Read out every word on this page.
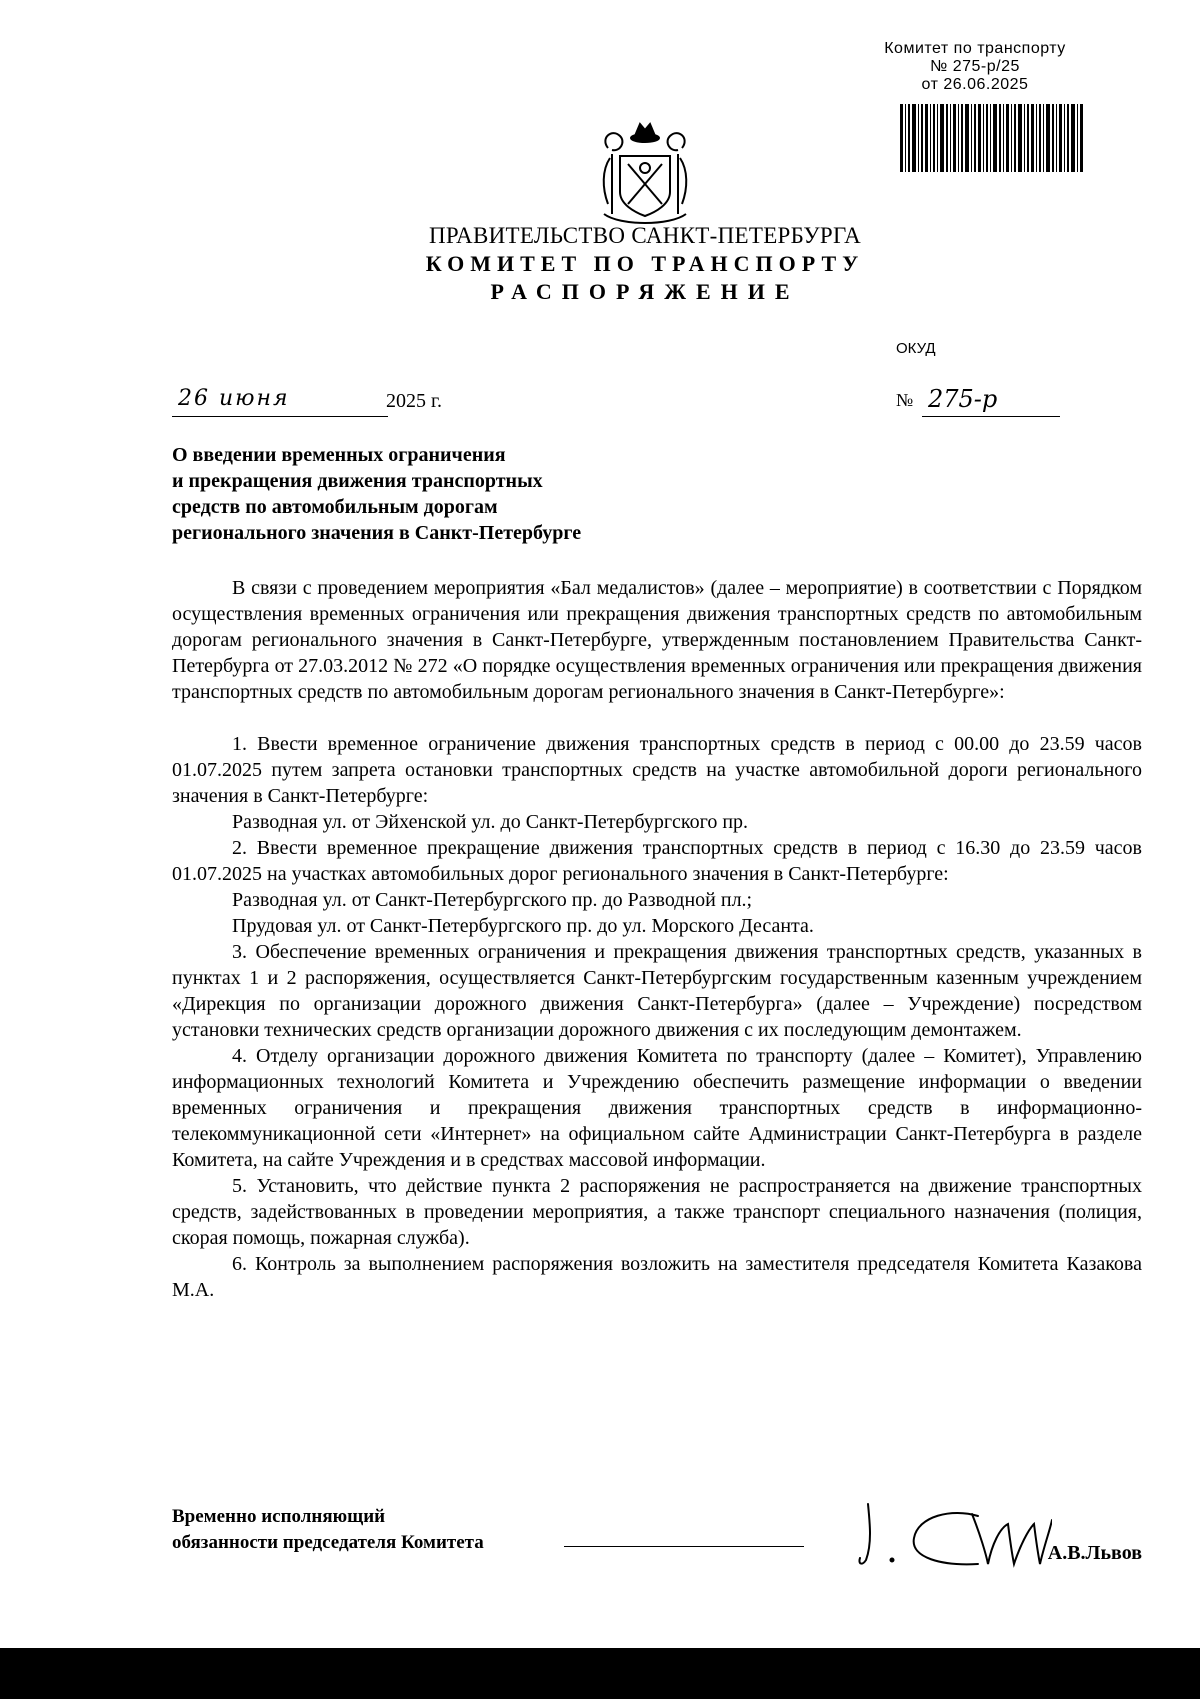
Комитет по транспорту
№ 275-р/25
от 26.06.2025
ПРАВИТЕЛЬСТВО САНКТ-ПЕТЕРБУРГА
КОМИТЕТ ПО ТРАНСПОРТУ
РАСПОРЯЖЕНИЕ
ОКУД
26 июня	2025 г.	№ 275-р
О введении временных ограничения
и прекращения движения транспортных
средств по автомобильным дорогам
регионального значения в Санкт-Петербурге

В связи с проведением мероприятия «Бал медалистов» (далее – мероприятие) в соответствии с Порядком осуществления временных ограничения или прекращения движения транспортных средств по автомобильным дорогам регионального значения в Санкт-Петербурге, утвержденным постановлением Правительства Санкт-Петербурга от 27.03.2012 № 272 «О порядке осуществления временных ограничения или прекращения движения транспортных средств по автомобильным дорогам регионального значения в Санкт-Петербурге»:

1. Ввести временное ограничение движения транспортных средств в период с 00.00 до 23.59 часов 01.07.2025 путем запрета остановки транспортных средств на участке автомобильной дороги регионального значения в Санкт-Петербурге:

Разводная ул. от Эйхенской ул. до Санкт-Петербургского пр.

2. Ввести временное прекращение движения транспортных средств в период с 16.30 до 23.59 часов 01.07.2025 на участках автомобильных дорог регионального значения в Санкт-Петербурге:

Разводная ул. от Санкт-Петербургского пр. до Разводной пл.;

Прудовая ул. от Санкт-Петербургского пр. до ул. Морского Десанта.

3. Обеспечение временных ограничения и прекращения движения транспортных средств, указанных в пунктах 1 и 2 распоряжения, осуществляется Санкт-Петербургским государственным казенным учреждением «Дирекция по организации дорожного движения Санкт-Петербурга» (далее – Учреждение) посредством установки технических средств организации дорожного движения с их последующим демонтажем.

4. Отделу организации дорожного движения Комитета по транспорту (далее – Комитет), Управлению информационных технологий Комитета и Учреждению обеспечить размещение информации о введении временных ограничения и прекращения движения транспортных средств в информационно-телекоммуникационной сети «Интернет» на официальном сайте Администрации Санкт-Петербурга в разделе Комитета, на сайте Учреждения и в средствах массовой информации.

5. Установить, что действие пункта 2 распоряжения не распространяется на движение транспортных средств, задействованных в проведении мероприятия, а также транспорт специального назначения (полиция, скорая помощь, пожарная служба).

6. Контроль за выполнением распоряжения возложить на заместителя председателя Комитета Казакова М.А.

Временно исполняющий
обязанности председателя Комитета	А.В.Львов
